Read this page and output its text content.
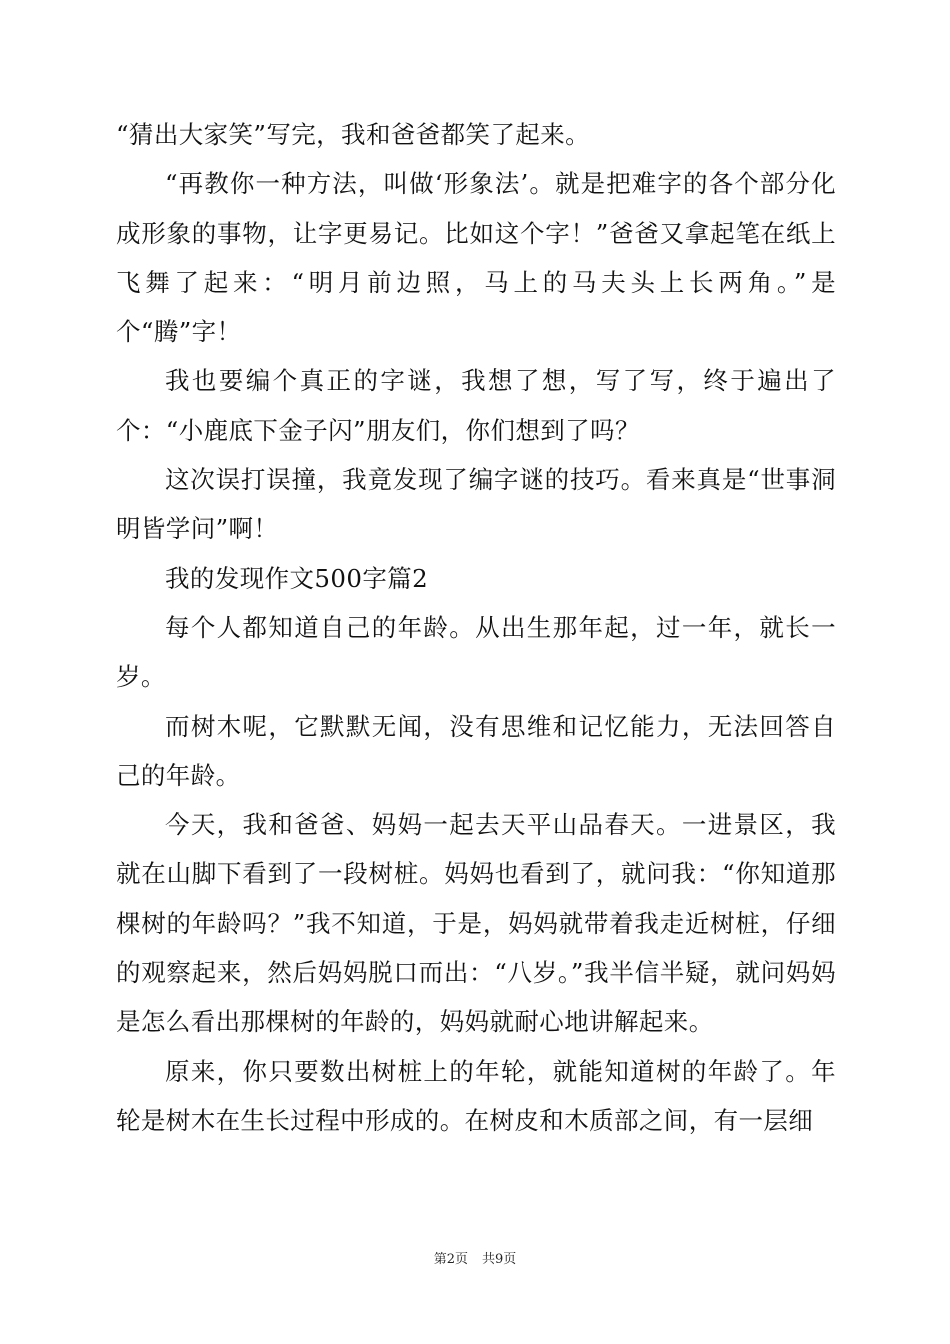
“猜出大家笑”写完，我和爸爸都笑了起来。

“再教你一种方法，叫做‘形象法’。就是把难字的各个部分化成形象的事物，让字更易记。比如这个字！”爸爸又拿起笔在纸上飞舞了起来：“明月前边照，马上的马夫头上长两角。”是个“腾”字！

我也要编个真正的字谜，我想了想，写了写，终于遍出了个：“小鹿底下金子闪”朋友们，你们想到了吗？

这次误打误撞，我竟发现了编字谜的技巧。看来真是“世事洞明皆学问”啊！

我的发现作文500字篇2

每个人都知道自己的年龄。从出生那年起，过一年，就长一岁。

而树木呢，它默默无闻，没有思维和记忆能力，无法回答自己的年龄。

今天，我和爸爸、妈妈一起去天平山品春天。一进景区，我就在山脚下看到了一段树桩。妈妈也看到了，就问我：“你知道那棵树的年龄吗？”我不知道，于是，妈妈就带着我走近树桩，仔细的观察起来，然后妈妈脱口而出：“八岁。”我半信半疑，就问妈妈是怎么看出那棵树的年龄的，妈妈就耐心地讲解起来。

原来，你只要数出树桩上的年轮，就能知道树的年龄了。年轮是树木在生长过程中形成的。在树皮和木质部之间，有一层细

第2页 共9页
